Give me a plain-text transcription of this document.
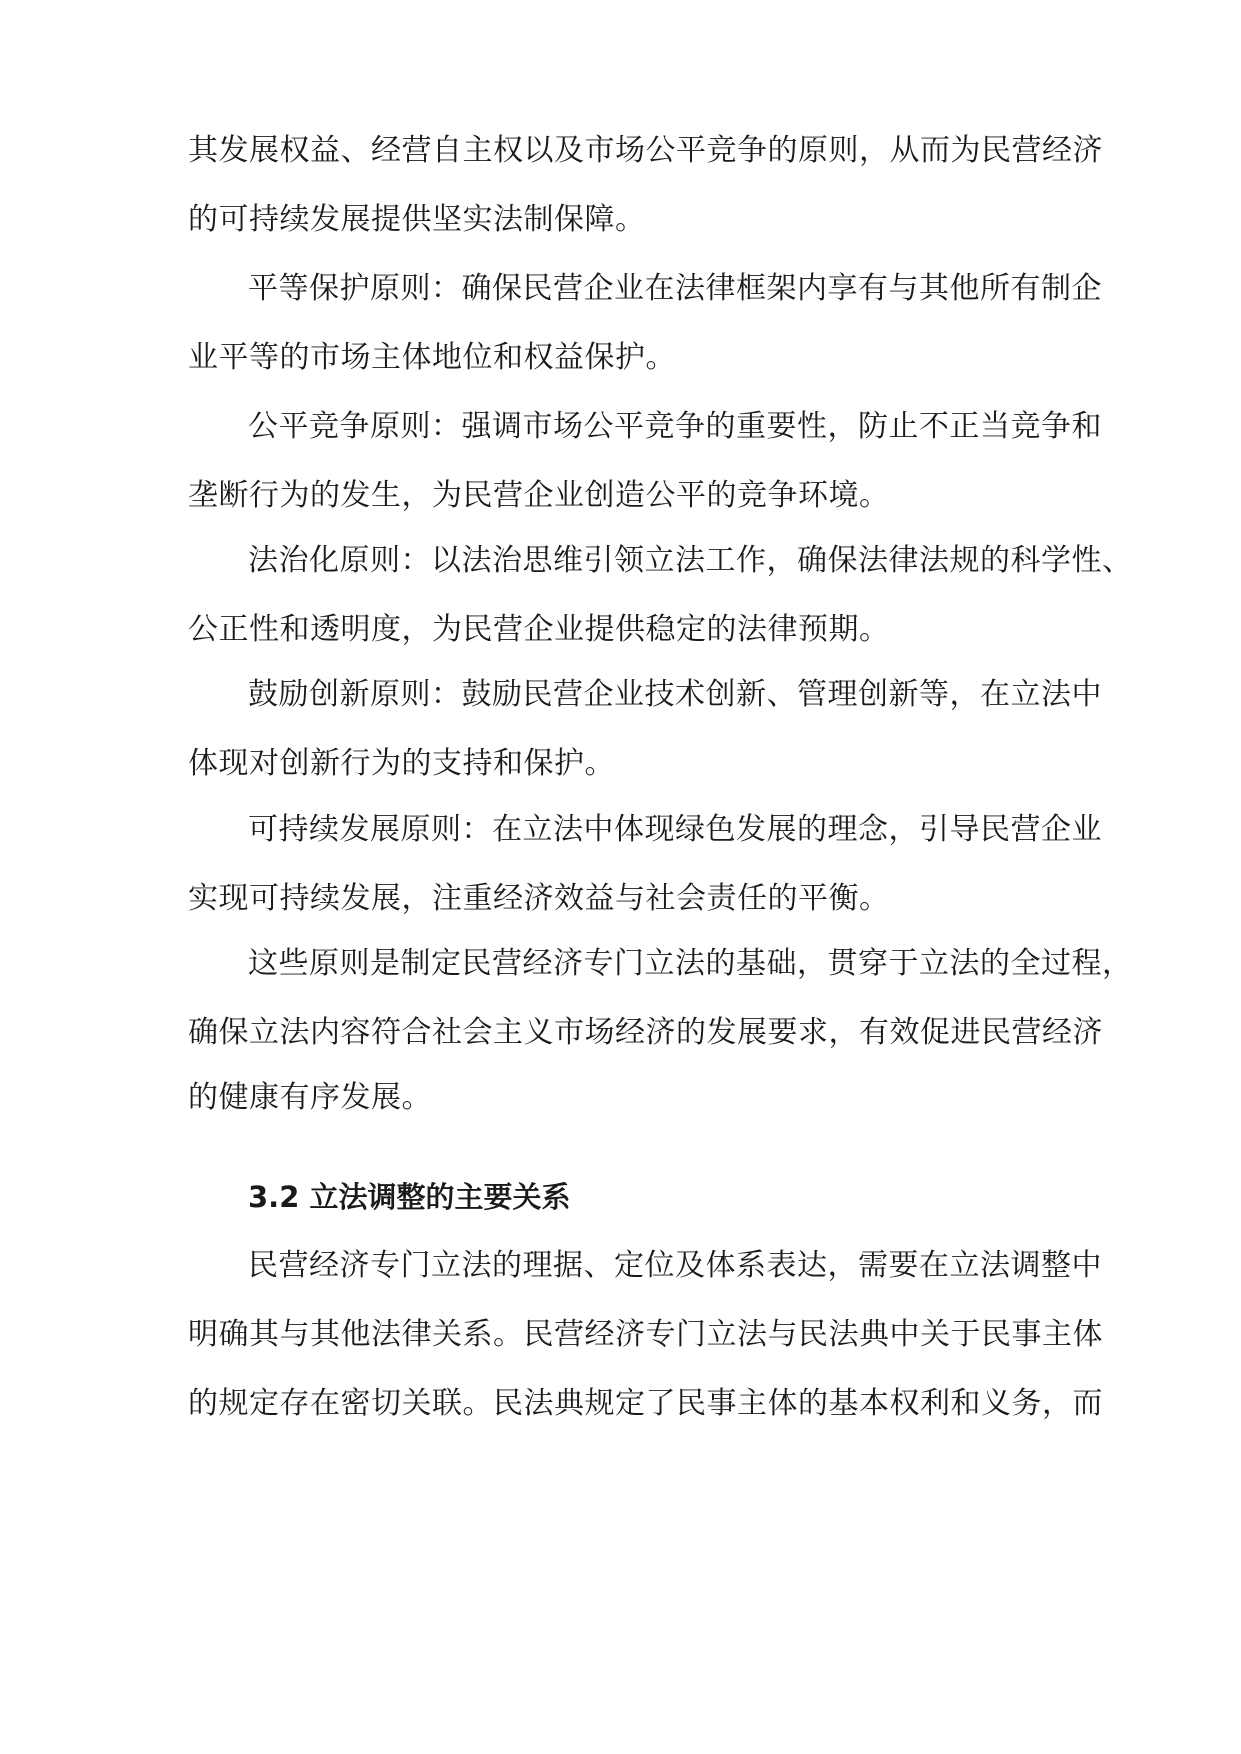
其发展权益、经营自主权以及市场公平竞争的原则，从而为民营经济
的可持续发展提供坚实法制保障。
平等保护原则：确保民营企业在法律框架内享有与其他所有制企
业平等的市场主体地位和权益保护。
公平竞争原则：强调市场公平竞争的重要性，防止不正当竞争和
垄断行为的发生，为民营企业创造公平的竞争环境。
法治化原则：以法治思维引领立法工作，确保法律法规的科学性、
公正性和透明度，为民营企业提供稳定的法律预期。
鼓励创新原则：鼓励民营企业技术创新、管理创新等，在立法中
体现对创新行为的支持和保护。
可持续发展原则：在立法中体现绿色发展的理念，引导民营企业
实现可持续发展，注重经济效益与社会责任的平衡。
这些原则是制定民营经济专门立法的基础，贯穿于立法的全过程，
确保立法内容符合社会主义市场经济的发展要求，有效促进民营经济
的健康有序发展。
3.2 立法调整的主要关系
民营经济专门立法的理据、定位及体系表达，需要在立法调整中
明确其与其他法律关系。民营经济专门立法与民法典中关于民事主体
的规定存在密切关联。民法典规定了民事主体的基本权利和义务，而
